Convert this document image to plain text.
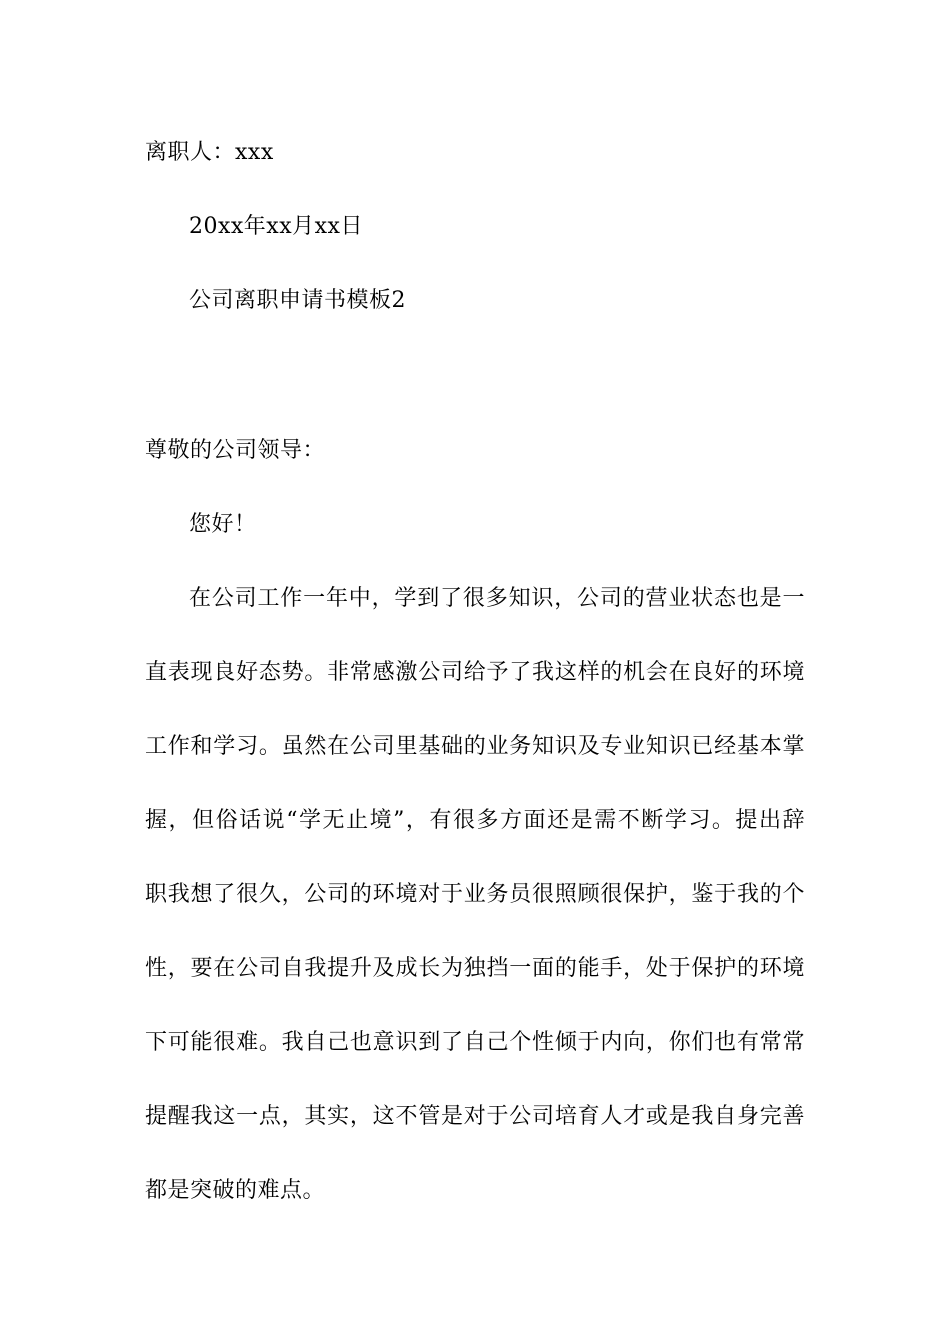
离职人：xxx
20xx年xx月xx日
公司离职申请书模板2
尊敬的公司领导：
您好！
在公司工作一年中，学到了很多知识，公司的营业状态也是一
直表现良好态势。非常感激公司给予了我这样的机会在良好的环境
工作和学习。虽然在公司里基础的业务知识及专业知识已经基本掌
握，但俗话说“学无止境”，有很多方面还是需不断学习。提出辞
职我想了很久，公司的环境对于业务员很照顾很保护，鉴于我的个
性，要在公司自我提升及成长为独挡一面的能手，处于保护的环境
下可能很难。我自己也意识到了自己个性倾于内向，你们也有常常
提醒我这一点，其实，这不管是对于公司培育人才或是我自身完善
都是突破的难点。
